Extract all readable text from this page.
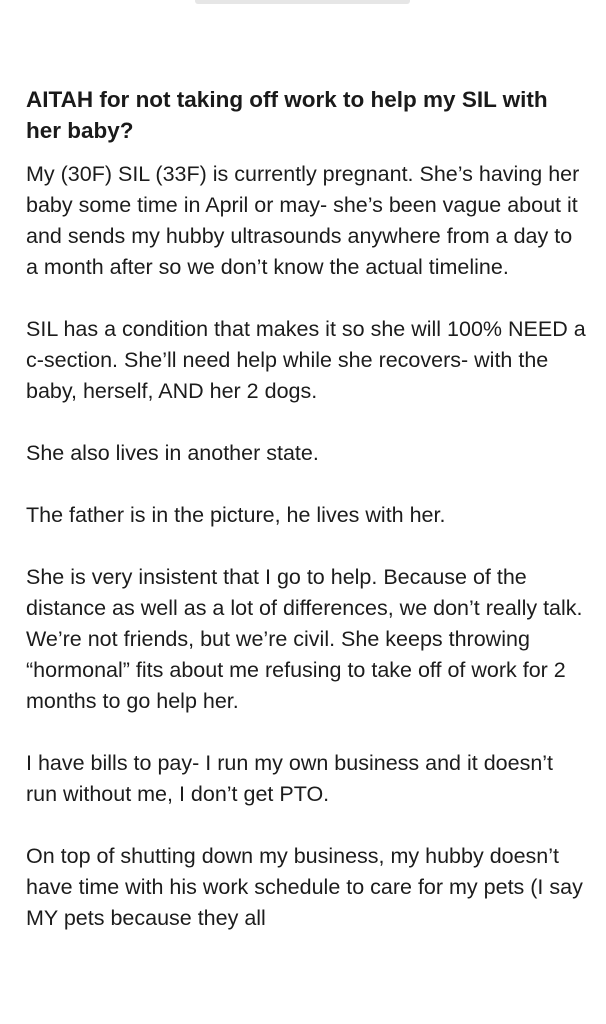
AITAH for not taking off work to help my SIL with her baby?

My (30F) SIL (33F) is currently pregnant. She’s having her baby some time in April or may- she’s been vague about it and sends my hubby ultrasounds anywhere from a day to a month after so we don’t know the actual timeline.

SIL has a condition that makes it so she will 100% NEED a c-section. She’ll need help while she recovers- with the baby, herself, AND her 2 dogs.

She also lives in another state.

The father is in the picture, he lives with her.

She is very insistent that I go to help. Because of the distance as well as a lot of differences, we don’t really talk. We’re not friends, but we’re civil. She keeps throwing “hormonal” fits about me refusing to take off of work for 2 months to go help her.

I have bills to pay- I run my own business and it doesn’t run without me, I don’t get PTO.

On top of shutting down my business, my hubby doesn’t have time with his work schedule to care for my pets (I say MY pets because they all
